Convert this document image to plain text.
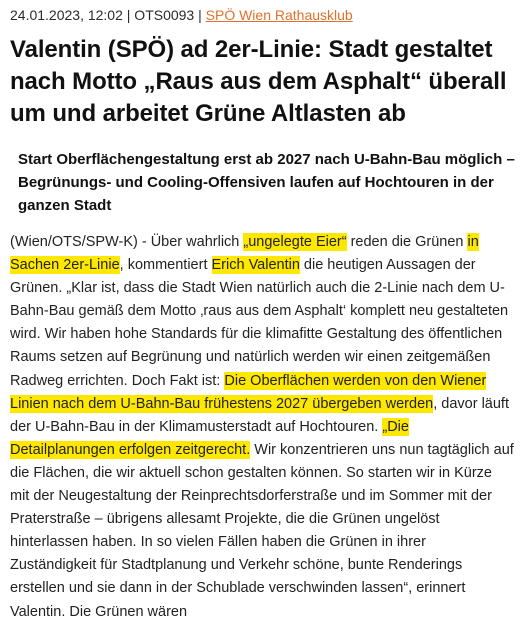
24.01.2023, 12:02 | OTS0093 | SPÖ Wien Rathausklub
Valentin (SPÖ) ad 2er-Linie: Stadt gestaltet nach Motto „Raus aus dem Asphalt“ überall um und arbeitet Grüne Altlasten ab
Start Oberflächengestaltung erst ab 2027 nach U-Bahn-Bau möglich – Begrünungs- und Cooling-Offensiven laufen auf Hochtouren in der ganzen Stadt
(Wien/OTS/SPW-K) - Über wahrlich „ungelegte Eier“ reden die Grünen in Sachen 2er-Linie, kommentiert Erich Valentin die heutigen Aussagen der Grünen. „Klar ist, dass die Stadt Wien natürlich auch die 2-Linie nach dem U-Bahn-Bau gemäß dem Motto ‚raus aus dem Asphalt‘ komplett neu gestalteten wird. Wir haben hohe Standards für die klimafitte Gestaltung des öffentlichen Raums setzen auf Begrünung und natürlich werden wir einen zeitgemäßen Radweg errichten. Doch Fakt ist: Die Oberflächen werden von den Wiener Linien nach dem U-Bahn-Bau frühestens 2027 übergeben werden, davor läuft der U-Bahn-Bau in der Klimamusterstadt auf Hochtouren. „Die Detailplanungen erfolgen zeitgerecht. Wir konzentrieren uns nun tagtäglich auf die Flächen, die wir aktuell schon gestalten können. So starten wir in Kürze mit der Neugestaltung der Reinprechtsdorferstraße und im Sommer mit der Praterstraße – übrigens allesamt Projekte, die die Grünen ungelöst hinterlassen haben. In so vielen Fällen haben die Grünen in ihrer Zuständigkeit für Stadtplanung und Verkehr schöne, bunte Renderings erstellen und sie dann in der Schublade verschwinden lassen“, erinnert Valentin. Die Grünen wären
